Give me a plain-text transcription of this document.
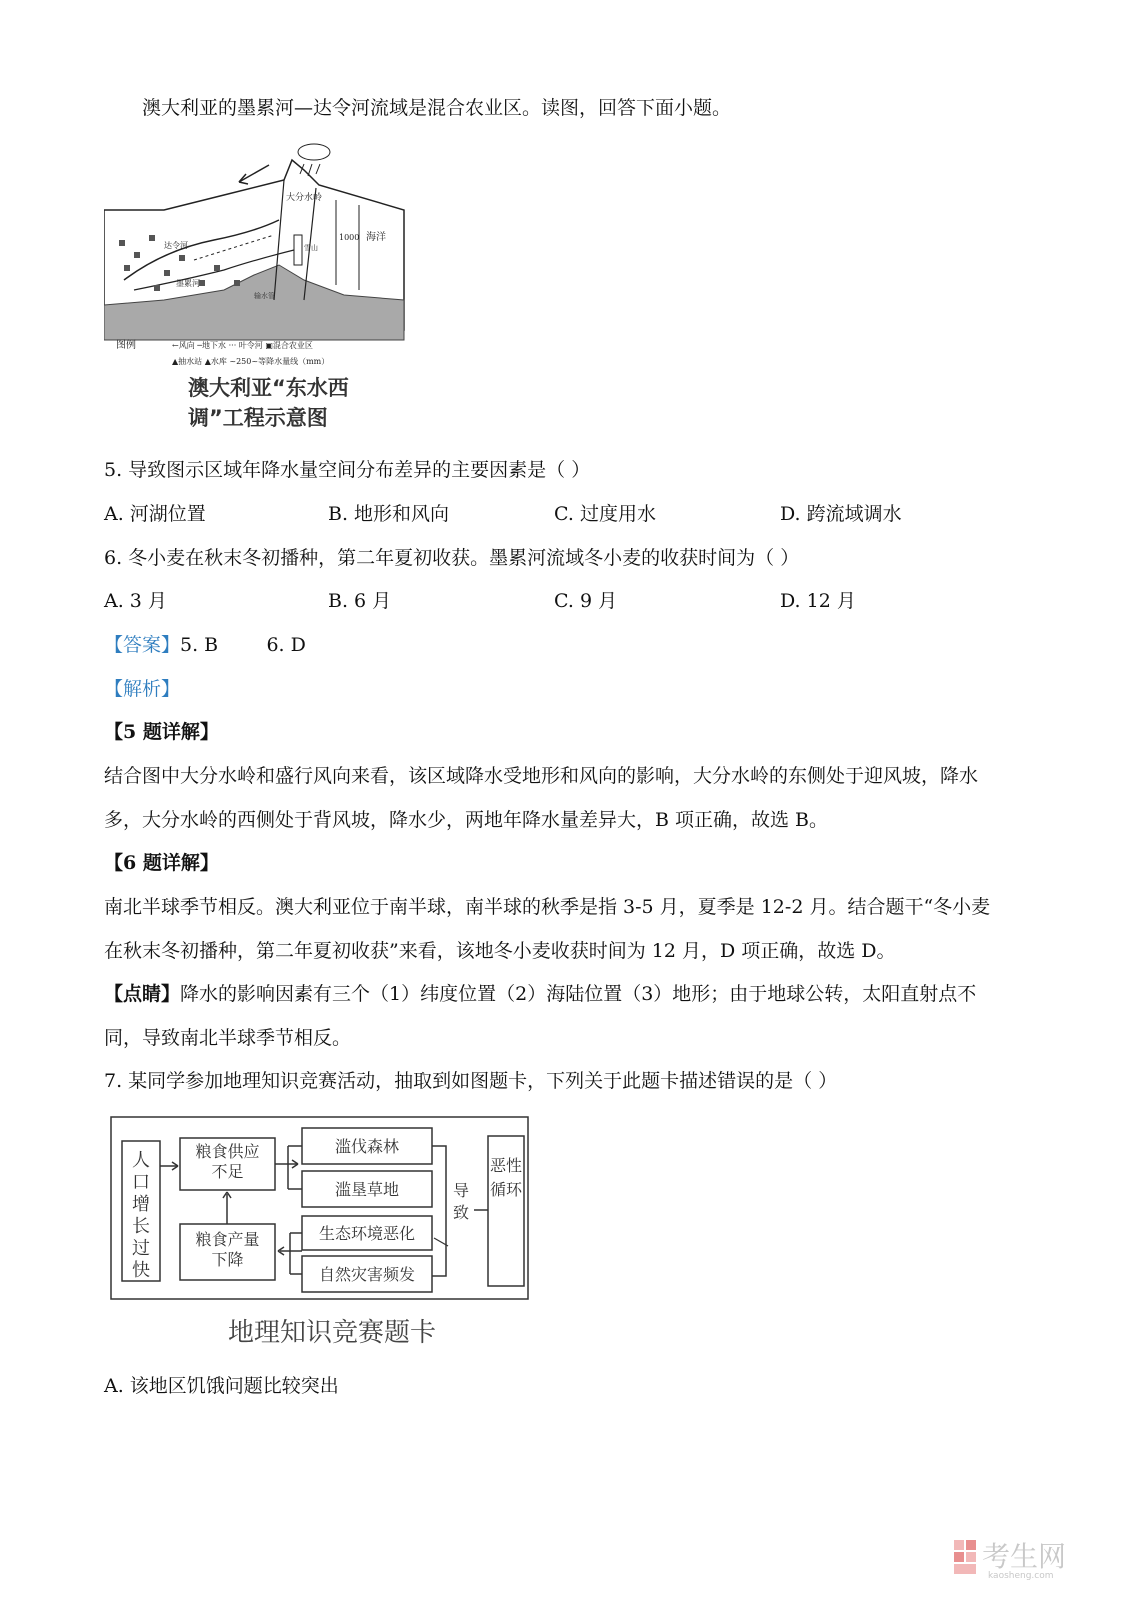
澳大利亚的墨累河—达令河流域是混合农业区。读图，回答下面小题。
大分水岭
海洋
达令河
墨累河
1000
雪山
输水管
图例	←风向 ─地下水 ··· 叶令河 ▣混合农业区
▲抽水站 ▲水库 ~250~等降水量线（mm）
澳大利亚“东水西
调”工程示意图
5. 导致图示区域年降水量空间分布差异的主要因素是（ ）
A. 河湖位置	B. 地形和风向	C. 过度用水	D. 跨流域调水
6. 冬小麦在秋末冬初播种，第二年夏初收获。墨累河流域冬小麦的收获时间为（ ）
A. 3 月	B. 6 月	C. 9 月	D. 12 月
【答案】5. B        6. D
【解析】
【5 题详解】
结合图中大分水岭和盛行风向来看，该区域降水受地形和风向的影响，大分水岭的东侧处于迎风坡，降水
多，大分水岭的西侧处于背风坡，降水少，两地年降水量差异大，B 项正确，故选 B。
【6 题详解】
南北半球季节相反。澳大利亚位于南半球，南半球的秋季是指 3-5 月，夏季是 12-2 月。结合题干“冬小麦
在秋末冬初播种，第二年夏初收获”来看，该地冬小麦收获时间为 12 月，D 项正确，故选 D。
【点睛】降水的影响因素有三个（1）纬度位置（2）海陆位置（3）地形；由于地球公转，太阳直射点不
同，导致南北半球季节相反。
7. 某同学参加地理知识竞赛活动，抽取到如图题卡，下列关于此题卡描述错误的是（ ）
人口增长过快
粮食供应不足
粮食产量下降
滥伐森林
滥垦草地
生态环境恶化
自然灾害频发
导致
恶性循环
地理知识竞赛题卡
A. 该地区饥饿问题比较突出
考生网
kaosheng.com
